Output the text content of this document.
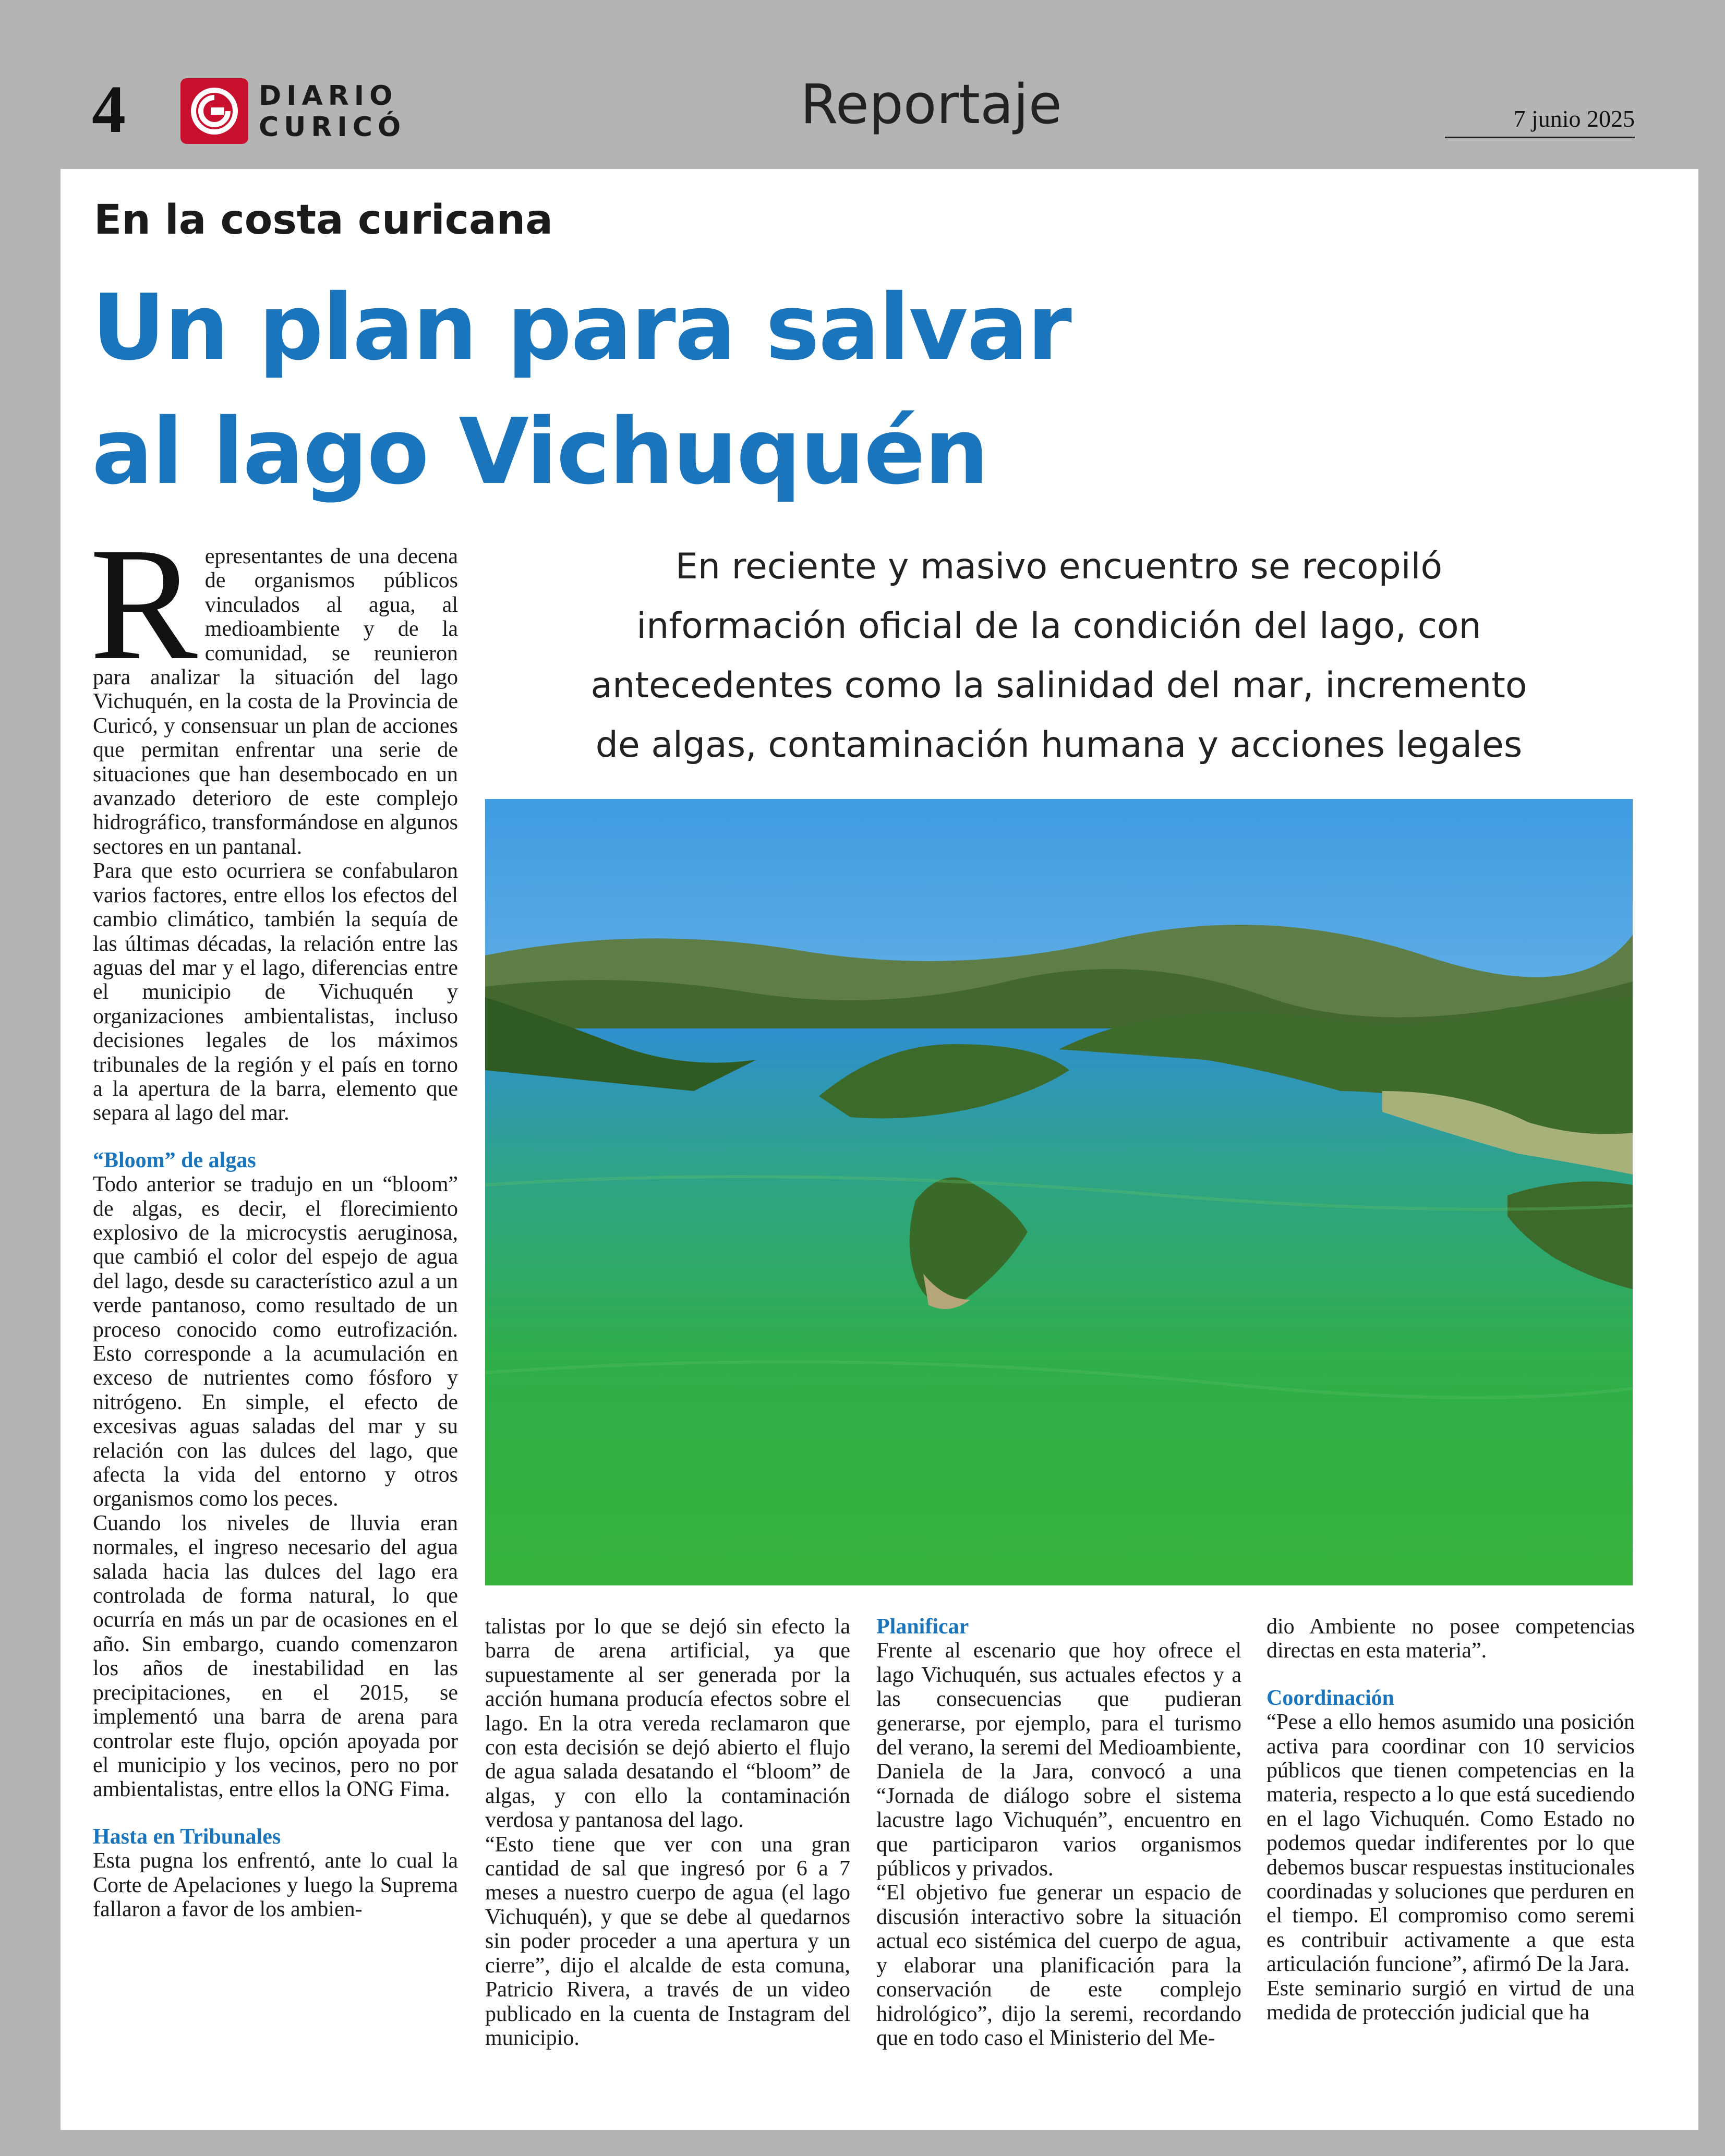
4	DIARIO
CURICÓ	Reportaje	7 junio 2025
En la costa curicana
Un plan para salvar
al lago Vichuquén
En reciente y masivo encuentro se recopiló
información oficial de la condición del lago, con
antecedentes como la salinidad del mar, incremento
de algas, contaminación humana y acciones legales

Representantes de una decena de organismos públicos vinculados al agua, al medioambiente y de la comunidad, se reunieron para analizar la situación del lago Vichuquén, en la costa de la Provincia de Curicó, y consensuar un plan de acciones que permitan enfrentar una serie de situaciones que han desembocado en un avanzado deterioro de este complejo hidrográfico, transformándose en algunos sectores en un pantanal.

Para que esto ocurriera se confabularon varios factores, entre ellos los efectos del cambio climático, también la sequía de las últimas décadas, la relación entre las aguas del mar y el lago, diferencias entre el municipio de Vichuquén y organizaciones ambientalistas, incluso decisiones legales de los máximos tribunales de la región y el país en torno a la apertura de la barra, elemento que separa al lago del mar.

“Bloom” de algas

Todo anterior se tradujo en un “bloom” de algas, es decir, el florecimiento explosivo de la microcystis aeruginosa, que cambió el color del espejo de agua del lago, desde su característico azul a un verde pantanoso, como resultado de un proceso conocido como eutrofización. Esto corresponde a la acumulación en exceso de nutrientes como fósforo y nitrógeno. En simple, el efecto de excesivas aguas saladas del mar y su relación con las dulces del lago, que afecta la vida del entorno y otros organismos como los peces.

Cuando los niveles de lluvia eran normales, el ingreso necesario del agua salada hacia las dulces del lago era controlada de forma natural, lo que ocurría en más un par de ocasiones en el año. Sin embargo, cuando comenzaron los años de inestabilidad en las precipitaciones, en el 2015, se implementó una barra de arena para controlar este flujo, opción apoyada por el municipio y los vecinos, pero no por ambientalistas, entre ellos la ONG Fima.

Hasta en Tribunales

Esta pugna los enfrentó, ante lo cual la Corte de Apelaciones y luego la Suprema fallaron a favor de los ambien-

talistas por lo que se dejó sin efecto la barra de arena artificial, ya que supuestamente al ser generada por la acción humana producía efectos sobre el lago. En la otra vereda reclamaron que con esta decisión se dejó abierto el flujo de agua salada desatando el “bloom” de algas, y con ello la contaminación verdosa y pantanosa del lago.

“Esto tiene que ver con una gran cantidad de sal que ingresó por 6 a 7 meses a nuestro cuerpo de agua (el lago Vichuquén), y que se debe al quedarnos sin poder proceder a una apertura y un cierre”, dijo el alcalde de esta comuna, Patricio Rivera, a través de un video publicado en la cuenta de Instagram del municipio.

Planificar

Frente al escenario que hoy ofrece el lago Vichuquén, sus actuales efectos y a las consecuencias que pudieran generarse, por ejemplo, para el turismo del verano, la seremi del Medioambiente, Daniela de la Jara, convocó a una “Jornada de diálogo sobre el sistema lacustre lago Vichuquén”, encuentro en que participaron varios organismos públicos y privados.

“El objetivo fue generar un espacio de discusión interactivo sobre la situación actual eco sistémica del cuerpo de agua, y elaborar una planificación para la conservación de este complejo hidrológico”, dijo la seremi, recordando que en todo caso el Ministerio del Me-

dio Ambiente no posee competencias directas en esta materia”.

Coordinación

“Pese a ello hemos asumido una posición activa para coordinar con 10 servicios públicos que tienen competencias en la materia, respecto a lo que está sucediendo en el lago Vichuquén. Como Estado no podemos quedar indiferentes por lo que debemos buscar respuestas institucionales coordinadas y soluciones que perduren en el tiempo. El compromiso como seremi es contribuir activamente a que esta articulación funcione”, afirmó De la Jara.

Este seminario surgió en virtud de una medida de protección judicial que ha
